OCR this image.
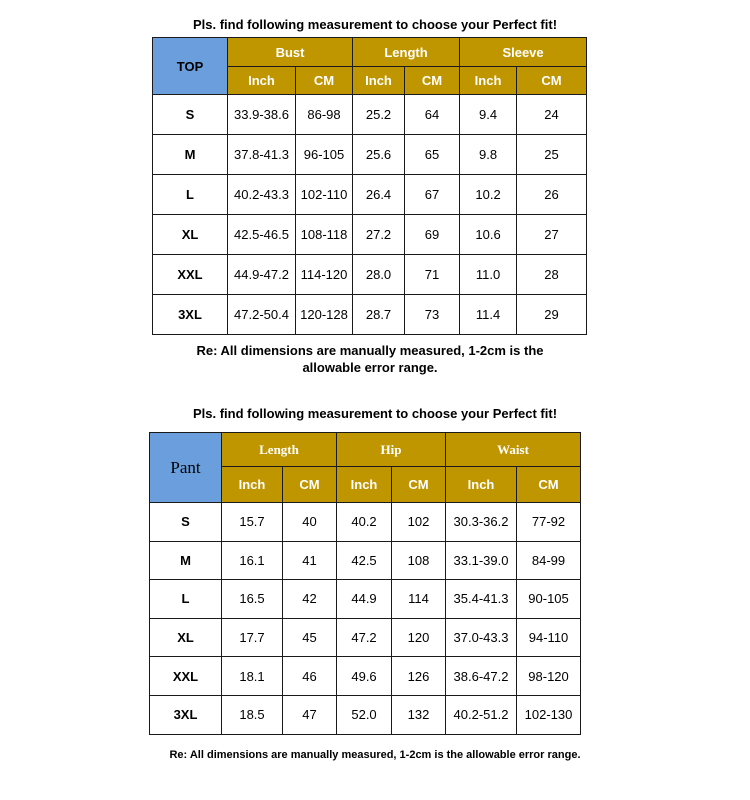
Pls. find following measurement to choose your Perfect fit!
TOP	Bust		Length		Sleeve	
	Inch	CM	Inch	CM	Inch	CM
S	33.9-38.6	86-98	25.2	64	9.4	24
M	37.8-41.3	96-105	25.6	65	9.8	25
L	40.2-43.3	102-110	26.4	67	10.2	26
XL	42.5-46.5	108-118	27.2	69	10.6	27
XXL	44.9-47.2	114-120	28.0	71	11.0	28
3XL	47.2-50.4	120-128	28.7	73	11.4	29
Re: All dimensions are manually measured, 1-2cm is the
allowable error range.
Pls. find following measurement to choose your Perfect fit!
Pant	Length		Hip		Waist	
	Inch	CM	Inch	CM	Inch	CM
S	15.7	40	40.2	102	30.3-36.2	77-92
M	16.1	41	42.5	108	33.1-39.0	84-99
L	16.5	42	44.9	114	35.4-41.3	90-105
XL	17.7	45	47.2	120	37.0-43.3	94-110
XXL	18.1	46	49.6	126	38.6-47.2	98-120
3XL	18.5	47	52.0	132	40.2-51.2	102-130
Re: All dimensions are manually measured, 1-2cm is the allowable error range.
